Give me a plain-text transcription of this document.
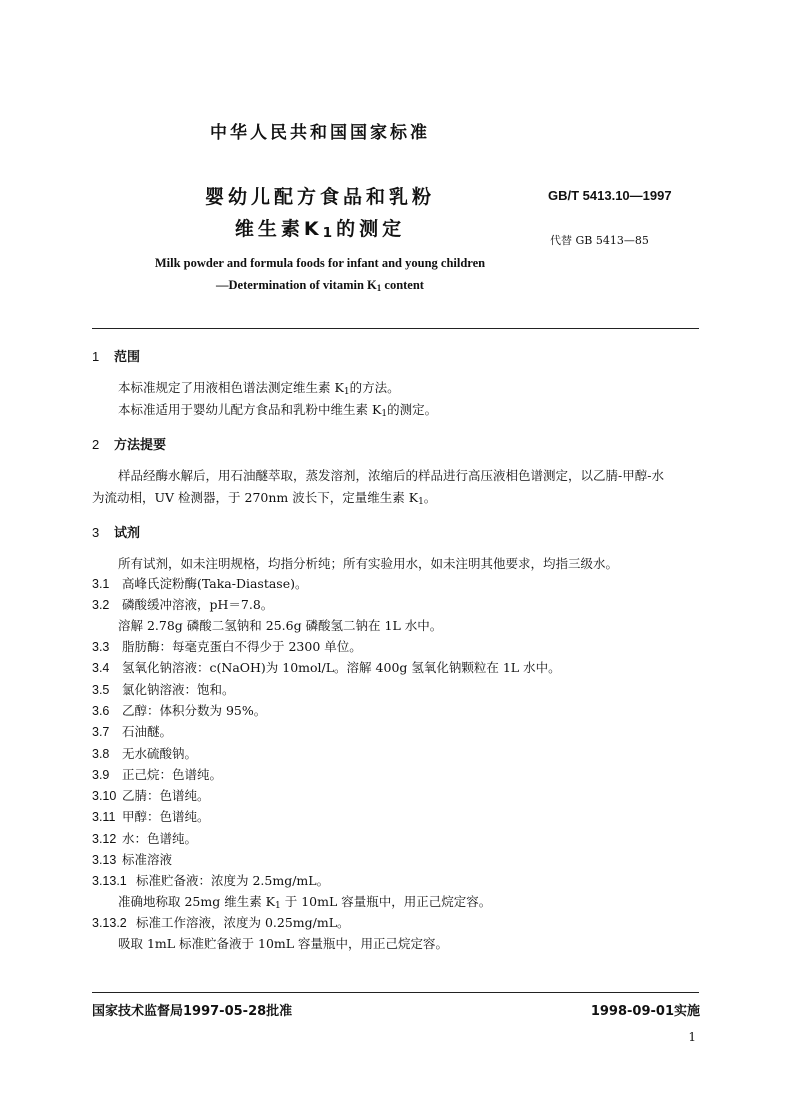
中华人民共和国国家标准
婴幼儿配方食品和乳粉
维生素K1的测定
GB/T 5413.10—1997
代替 GB 5413—85
Milk powder and formula foods for infant and young children
—Determination of vitamin K1 content
1 范围
本标准规定了用液相色谱法测定维生素 K1的方法。
本标准适用于婴幼儿配方食品和乳粉中维生素 K1的测定。
2 方法提要
样品经酶水解后，用石油醚萃取，蒸发溶剂，浓缩后的样品进行高压液相色谱测定，以乙腈-甲醇-水
为流动相，UV 检测器，于 270nm 波长下，定量维生素 K1。
3 试剂
所有试剂，如未注明规格，均指分析纯；所有实验用水，如未注明其他要求，均指三级水。
3.1 高峰氏淀粉酶(Taka-Diastase)。
3.2 磷酸缓冲溶液，pH＝7.8。
溶解 2.78g 磷酸二氢钠和 25.6g 磷酸氢二钠在 1L 水中。
3.3 脂肪酶：每毫克蛋白不得少于 2300 单位。
3.4 氢氧化钠溶液：c(NaOH)为 10mol/L。溶解 400g 氢氧化钠颗粒在 1L 水中。
3.5 氯化钠溶液：饱和。
3.6 乙醇：体积分数为 95%。
3.7 石油醚。
3.8 无水硫酸钠。
3.9 正己烷：色谱纯。
3.10 乙腈：色谱纯。
3.11 甲醇：色谱纯。
3.12 水：色谱纯。
3.13 标准溶液
3.13.1 标准贮备液：浓度为 2.5mg/mL。
准确地称取 25mg 维生素 K1 于 10mL 容量瓶中，用正己烷定容。
3.13.2 标准工作溶液，浓度为 0.25mg/mL。
吸取 1mL 标准贮备液于 10mL 容量瓶中，用正己烷定容。
国家技术监督局1997-05-28批准	1998-09-01实施
1
